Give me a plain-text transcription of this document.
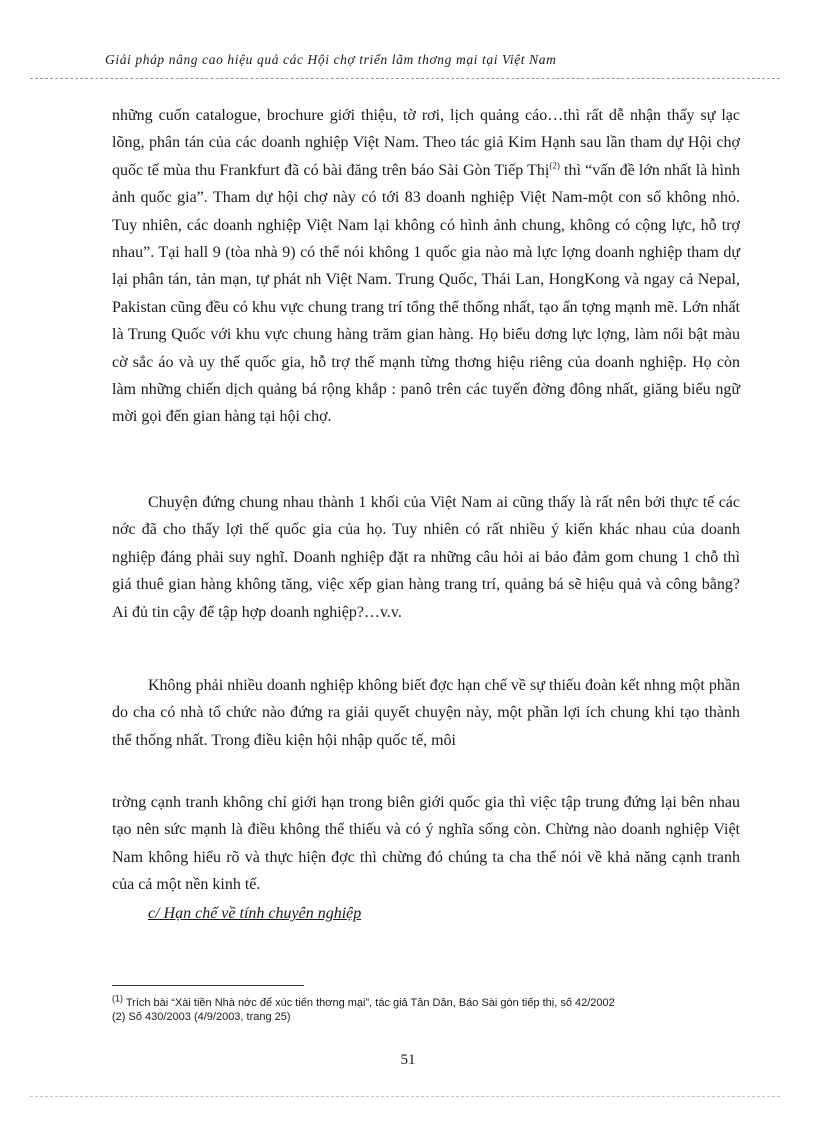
Giải pháp nâng cao hiệu quả các Hội chợ triển lãm thơng mại tại Việt Nam

những cuốn catalogue, brochure giới thiệu, tờ rơi, lịch quảng cáo…thì rất dễ nhận thấy sự lạc lõng, phân tán của các doanh nghiệp Việt Nam. Theo tác giả Kim Hạnh sau lần tham dự Hội chợ quốc tế mùa thu Frankfurt đã có bài đăng trên báo Sài Gòn Tiếp Thị$^{(2)}$ thì “vấn đề lớn nhất là hình ảnh quốc gia”. Tham dự hội chợ này có tới 83 doanh nghiệp Việt Nam-một con số không nhỏ. Tuy nhiên, các doanh nghiệp Việt Nam lại không có hình ảnh chung, không có cộng lực, hỗ trợ nhau”. Tại hall 9 (tòa nhà 9) có thể nói không 1 quốc gia nào mà lực lợng doanh nghiệp tham dự lại phân tán, tản mạn, tự phát nh Việt Nam. Trung Quốc, Thái Lan, HongKong và ngay cả Nepal, Pakistan cũng đều có khu vực chung trang trí tổng thể thống nhất, tạo ấn tợng mạnh mẽ. Lớn nhất là Trung Quốc với khu vực chung hàng trăm gian hàng. Họ biểu dơng lực lợng, làm nổi bật màu cờ sắc áo và uy thế quốc gia, hỗ trợ thế mạnh từng thơng hiệu riêng của doanh nghiệp. Họ còn làm những chiến dịch quảng bá rộng khắp : panô trên các tuyến đờng đông nhất, giăng biểu ngữ mời gọi đến gian hàng tại hội chợ.

Chuyện đứng chung nhau thành 1 khối của Việt Nam ai cũng thấy là rất nên bởi thực tế các nớc đã cho thấy lợi thế quốc gia của họ. Tuy nhiên có rất nhiều ý kiến khác nhau của doanh nghiệp đáng phải suy nghĩ. Doanh nghiệp đặt ra những câu hỏi ai bảo đảm gom chung 1 chỗ thì giá thuê gian hàng không tăng, việc xếp gian hàng trang trí, quảng bá sẽ hiệu quả và công bằng? Ai đủ tin cậy để tập hợp doanh nghiệp?…v.v.

Không phải nhiều doanh nghiệp không biết đợc hạn chế về sự thiếu đoàn kết nhng một phần do cha có nhà tổ chức nào đứng ra giải quyết chuyện này, một phần lợi ích chung khi tạo thành thể thống nhất. Trong điều kiện hội nhập quốc tế, môi

trờng cạnh tranh không chỉ giới hạn trong biên giới quốc gia thì việc tập trung đứng lại bên nhau tạo nên sức mạnh là điều không thể thiếu và có ý nghĩa sống còn. Chừng nào doanh nghiệp Việt Nam không hiểu rõ và thực hiện đợc thì chừng đó chúng ta cha thể nói về khả năng cạnh tranh của cả một nền kinh tế.

c/ Hạn chế về tính chuyên nghiệp
$^{(1)}$ Trích bài “Xài tiền Nhà nớc để xúc tiến thơng mại”, tác giả Tân Dân, Báo Sài gòn tiếp thị, số 42/2002
(2) Số 430/2003 (4/9/2003, trang 25)
51
